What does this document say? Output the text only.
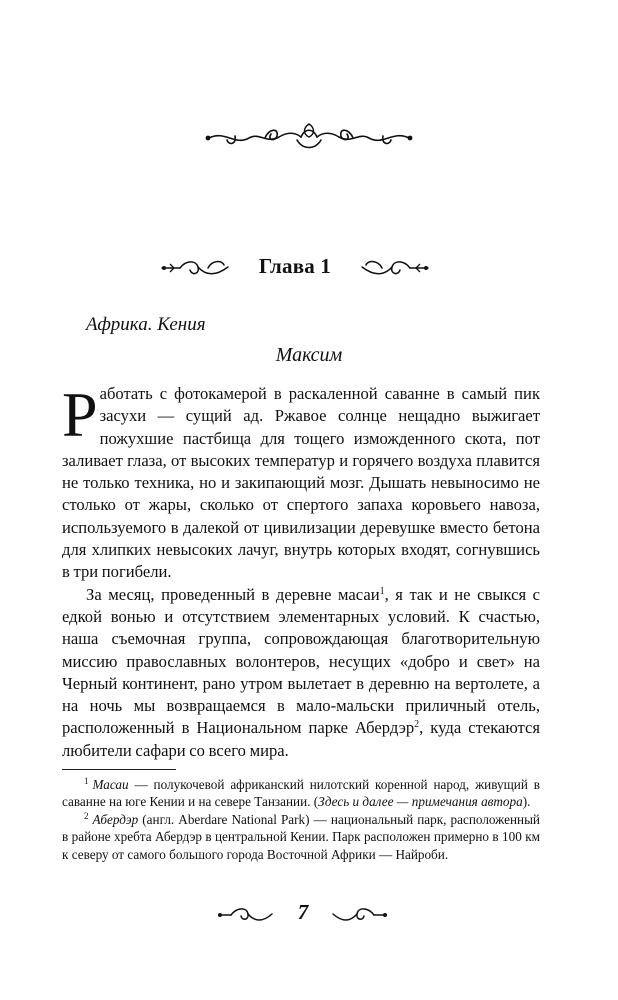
Глава 1
Африка. Кения
Максим

Работать с фотокамерой в раскаленной саванне в самый пик засухи — сущий ад. Ржавое солнце нещадно выжигает пожухшие пастбища для тощего изможденного скота, пот заливает глаза, от высоких температур и горячего воздуха плавится не только техника, но и закипающий мозг. Дышать невыносимо не столько от жары, сколько от спертого запаха коровьего навоза, используемого в далекой от цивилизации деревушке вместо бетона для хлипких невысоких лачуг, внутрь которых входят, согнувшись в три погибели.

За месяц, проведенный в деревне масаи$^1$, я так и не свыкся с едкой вонью и отсутствием элементарных условий. К счастью, наша съемочная группа, сопровождающая благотворительную миссию православных волонтеров, несущих «добро и свет» на Черный континент, рано утром вылетает в деревню на вертолете, а на ночь мы возвращаемся в мало-мальски приличный отель, расположенный в Национальном парке Абердэр$^2$, куда стекаются любители сафари со всего мира.

$^1$ Масаи — полукочевой африканский нилотский коренной народ, живущий в саванне на юге Кении и на севере Танзании. (Здесь и далее — примечания автора).

$^2$ Абердэр (англ. Aberdare National Park) — национальный парк, расположенный в районе хребта Абердэр в центральной Кении. Парк расположен примерно в 100 км к северу от самого большого города Восточной Африки — Найроби.

7
